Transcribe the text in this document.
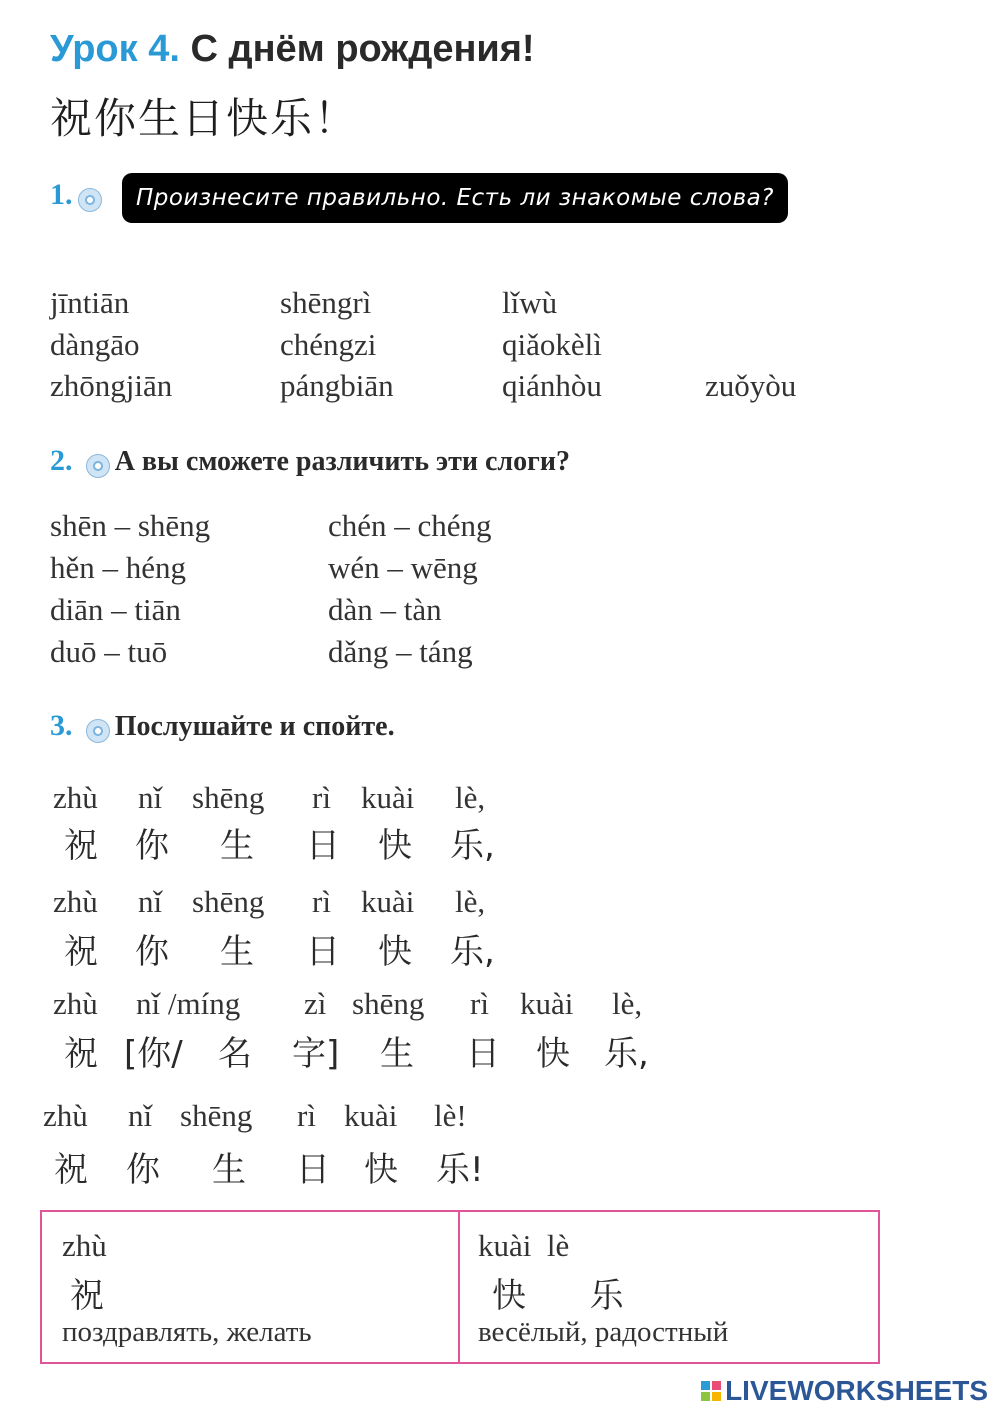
Урок 4. С днём рождения!
祝你生日快乐！
1.	Произнесите правильно. Есть ли знакомые слова?
jīntiān	shēngrì	lǐwù
dàngāo	chéngzi	qiǎokèlì
zhōngjiān	pángbiān	qiánhòu	zuǒyòu
2. А вы сможете различить эти слоги?
shēn – shēng	chén – chéng
hěn – héng	wén – wēng
diān – tiān	dàn – tàn
duō – tuō	dǎng – táng
3. Послушайте и спойте.
zhù nǐ shēng rì kuài lè,
祝 你 生 日 快 乐,
zhù nǐ shēng rì kuài lè,
祝 你 生 日 快 乐,
zhù nǐ /míng zì shēng rì kuài lè,
祝 [你/ 名 字] 生 日 快 乐,
zhù nǐ shēng rì kuài lè!
祝 你 生 日 快 乐!
zhù
祝
поздравлять, желать
kuài  lè
快  乐
весёлый, радостный
LIVEWORKSHEETS
